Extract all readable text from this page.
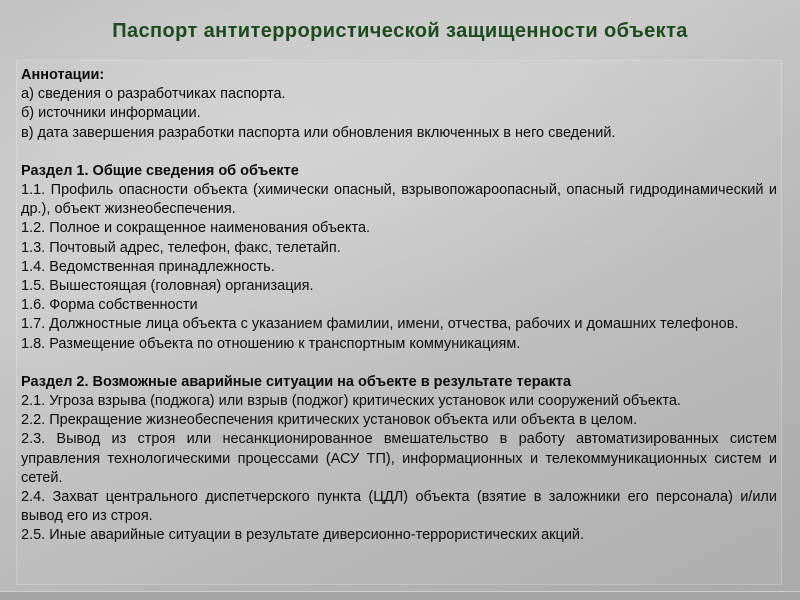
Паспорт антитеррористической защищенности объекта

Аннотации:

а) сведения о разработчиках паспорта.

б) источники информации.

в) дата завершения разработки паспорта или обновления включенных в него сведений.

Раздел 1. Общие сведения об объекте

1.1. Профиль опасности объекта (химически опасный, взрывопожароопасный, опасный гидродинамический и др.), объект жизнеобеспечения.

1.2. Полное и сокращенное наименования объекта.

1.3. Почтовый адрес, телефон, факс, телетайп.

1.4. Ведомственная принадлежность.

1.5. Вышестоящая (головная) организация.

1.6. Форма собственности

1.7. Должностные лица объекта с указанием фамилии, имени, отчества, рабочих и домашних телефонов.

1.8. Размещение объекта по отношению к транспортным коммуникациям.

Раздел 2. Возможные аварийные ситуации на объекте в результате теракта

2.1. Угроза взрыва (поджога) или взрыв (поджог) критических установок или сооружений объекта.

2.2. Прекращение жизнеобеспечения критических установок объекта или объекта в целом.

2.3. Вывод из строя или несанкционированное вмешательство в работу автоматизированных систем управления технологическими процессами (АСУ ТП), информационных и телекоммуникационных систем и сетей.

2.4. Захват центрального диспетчерского пункта (ЦДЛ) объекта (взятие в заложники его персонала) и/или вывод его из строя.

2.5. Иные аварийные ситуации в результате диверсионно-террористических акций.
